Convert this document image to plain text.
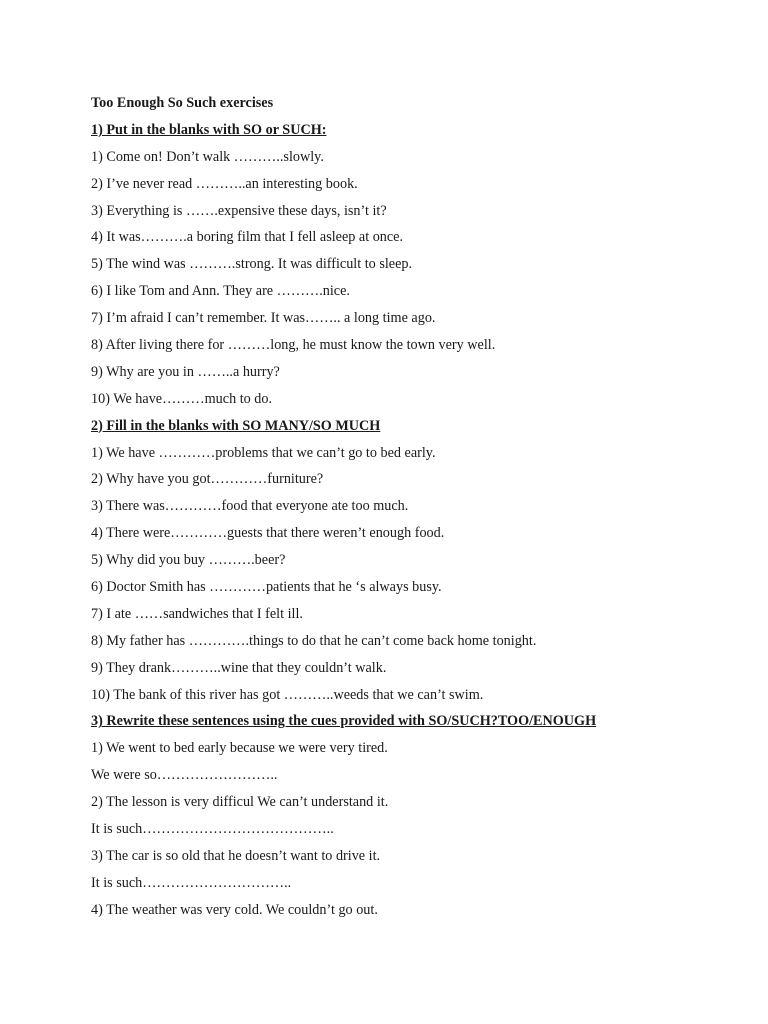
Too Enough So Such exercises
1) Put in the blanks with SO or SUCH:
1) Come on! Don’t walk ………..slowly.
2) I’ve never read ………..an interesting book.
3) Everything is …….expensive these days, isn’t it?
4) It was……….a boring film that I fell asleep at once.
5) The wind was ……….strong. It was difficult to sleep.
6) I like Tom and Ann. They are ……….nice.
7) I’m afraid I can’t remember. It was…….. a long time ago.
8) After living there for ………long, he must know the town very well.
9) Why are you in ……..a hurry?
10) We have………much to do.
2) Fill in the blanks with SO MANY/SO MUCH
1) We have …………problems that we can’t go to bed early.
2) Why have you got…………furniture?
3) There was…………food that everyone ate too much.
4) There were…………guests that there weren’t enough food.
5) Why did you buy ……….beer?
6) Doctor Smith has …………patients that he ‘s always busy.
7) I ate ……sandwiches that I felt ill.
8) My father has ………….things to do that he can’t come back home tonight.
9) They drank………..wine that they couldn’t walk.
10) The bank of this river has got ………..weeds that we can’t swim.
3) Rewrite these sentences using the cues provided with SO/SUCH?TOO/ENOUGH
1) We went to bed early because we were very tired.
We were so……………………..
2) The lesson is very difficul We can’t understand it.
It is such…………………………………..
3) The car is so old that he doesn’t want to drive it.
It is such…………………………..
4) The weather was very cold. We couldn’t go out.
